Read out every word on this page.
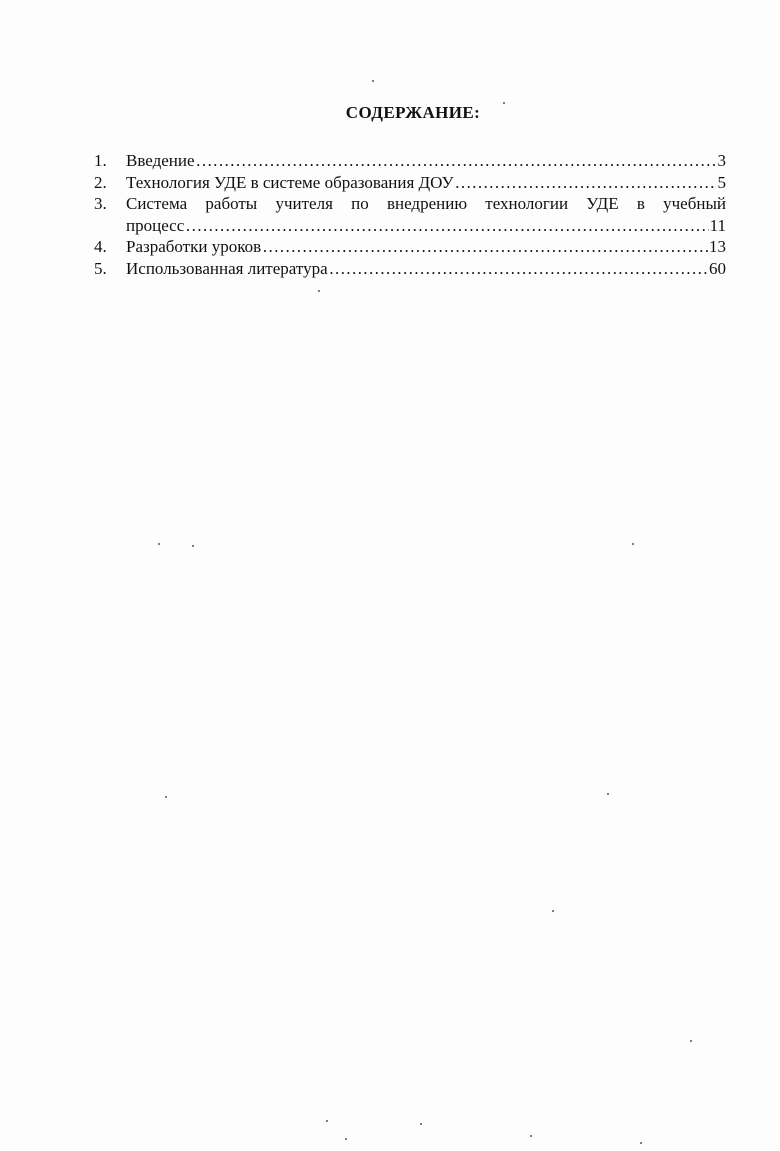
СОДЕРЖАНИЕ:
1. Введение …………………………………………………………………………………………………………………………………………	3
2. Технология УДЕ в системе образования ДОУ …………………………………………………………………………………………………………………………………………	5
3. Система работы учителя по внедрению технологии УДЕ в учебный
процесс …………………………………………………………………………………………………………………………………………	11
4. Разработки уроков …………………………………………………………………………………………………………………………………………	13
5. Использованная литература …………………………………………………………………………………………………………………………………………	60
